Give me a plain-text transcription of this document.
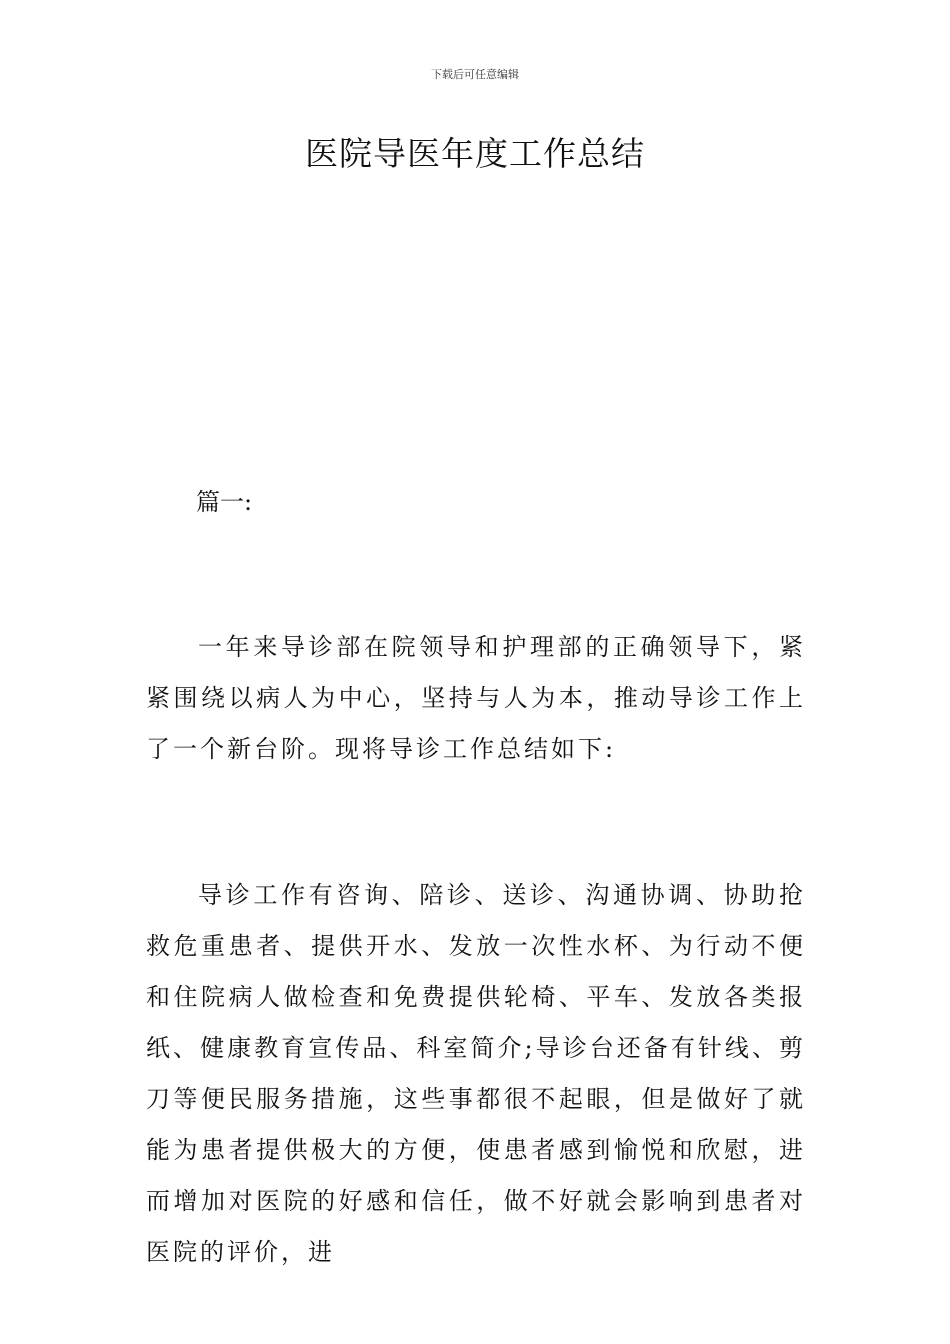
下载后可任意编辑
医院导医年度工作总结
篇一:

一年来导诊部在院领导和护理部的正确领导下，紧紧围绕以病人为中心，坚持与人为本，推动导诊工作上了一个新台阶。现将导诊工作总结如下:

导诊工作有咨询、陪诊、送诊、沟通协调、协助抢救危重患者、提供开水、发放一次性水杯、为行动不便和住院病人做检查和免费提供轮椅、平车、发放各类报纸、健康教育宣传品、科室简介;导诊台还备有针线、剪刀等便民服务措施，这些事都很不起眼，但是做好了就能为患者提供极大的方便，使患者感到愉悦和欣慰，进而增加对医院的好感和信任，做不好就会影响到患者对医院的评价，进
